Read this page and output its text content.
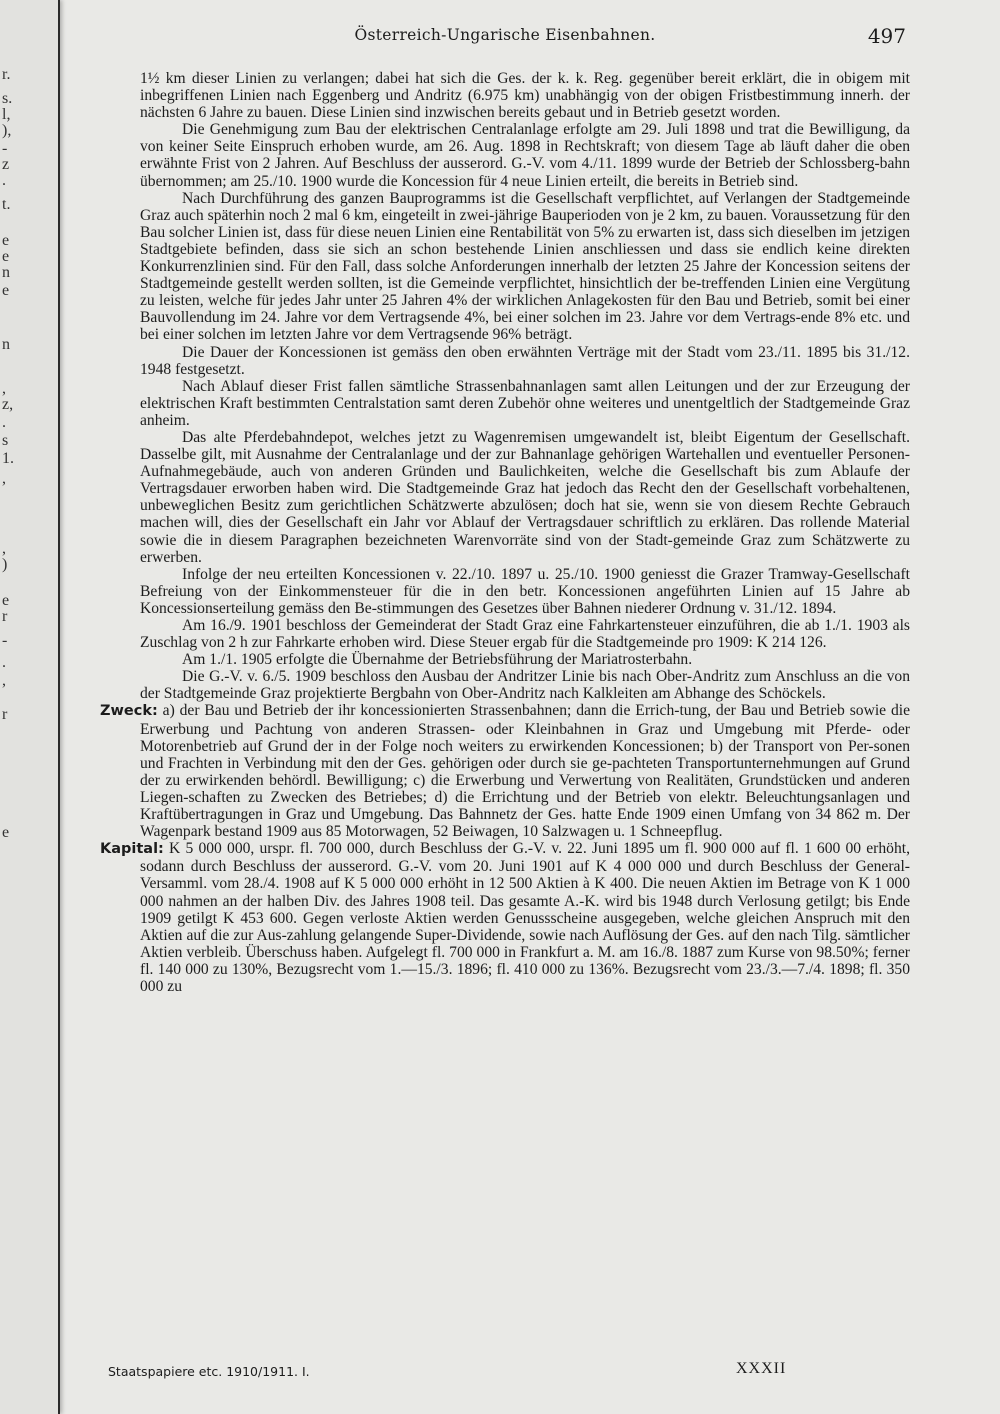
r.
s.
l,
),
-
z
.
t.
e
e
n
e
n
,
z,
.
s
1.
,
,
)
e
r
-
.
,
r
e
Österreich-Ungarische Eisenbahnen.	497

1½ km dieser Linien zu verlangen; dabei hat sich die Ges. der k. k. Reg. gegenüber bereit erklärt, die in obigem mit inbegriffenen Linien nach Eggenberg und Andritz (6.975 km) unabhängig von der obigen Fristbestimmung innerh. der nächsten 6 Jahre zu bauen. Diese Linien sind inzwischen bereits gebaut und in Betrieb gesetzt worden.

Die Genehmigung zum Bau der elektrischen Centralanlage erfolgte am 29. Juli 1898 und trat die Bewilligung, da von keiner Seite Einspruch erhoben wurde, am 26. Aug. 1898 in Rechtskraft; von diesem Tage ab läuft daher die oben erwähnte Frist von 2 Jahren. Auf Beschluss der ausserord. G.-V. vom 4./11. 1899 wurde der Betrieb der Schlossberg-bahn übernommen; am 25./10. 1900 wurde die Koncession für 4 neue Linien erteilt, die bereits in Betrieb sind.

Nach Durchführung des ganzen Bauprogramms ist die Gesellschaft verpflichtet, auf Verlangen der Stadtgemeinde Graz auch späterhin noch 2 mal 6 km, eingeteilt in zwei-jährige Bauperioden von je 2 km, zu bauen. Voraussetzung für den Bau solcher Linien ist, dass für diese neuen Linien eine Rentabilität von 5% zu erwarten ist, dass sich dieselben im jetzigen Stadtgebiete befinden, dass sie sich an schon bestehende Linien anschliessen und dass sie endlich keine direkten Konkurrenzlinien sind. Für den Fall, dass solche Anforderungen innerhalb der letzten 25 Jahre der Koncession seitens der Stadtgemeinde gestellt werden sollten, ist die Gemeinde verpflichtet, hinsichtlich der be-treffenden Linien eine Vergütung zu leisten, welche für jedes Jahr unter 25 Jahren 4% der wirklichen Anlagekosten für den Bau und Betrieb, somit bei einer Bauvollendung im 24. Jahre vor dem Vertragsende 4%, bei einer solchen im 23. Jahre vor dem Vertrags-ende 8% etc. und bei einer solchen im letzten Jahre vor dem Vertragsende 96% beträgt.

Die Dauer der Koncessionen ist gemäss den oben erwähnten Verträge mit der Stadt vom 23./11. 1895 bis 31./12. 1948 festgesetzt.

Nach Ablauf dieser Frist fallen sämtliche Strassenbahnanlagen samt allen Leitungen und der zur Erzeugung der elektrischen Kraft bestimmten Centralstation samt deren Zubehör ohne weiteres und unentgeltlich der Stadtgemeinde Graz anheim.

Das alte Pferdebahndepot, welches jetzt zu Wagenremisen umgewandelt ist, bleibt Eigentum der Gesellschaft. Dasselbe gilt, mit Ausnahme der Centralanlage und der zur Bahnanlage gehörigen Wartehallen und eventueller Personen-Aufnahmegebäude, auch von anderen Gründen und Baulichkeiten, welche die Gesellschaft bis zum Ablaufe der Vertragsdauer erworben haben wird. Die Stadtgemeinde Graz hat jedoch das Recht den der Gesellschaft vorbehaltenen, unbeweglichen Besitz zum gerichtlichen Schätzwerte abzulösen; doch hat sie, wenn sie von diesem Rechte Gebrauch machen will, dies der Gesellschaft ein Jahr vor Ablauf der Vertragsdauer schriftlich zu erklären. Das rollende Material sowie die in diesem Paragraphen bezeichneten Warenvorräte sind von der Stadt-gemeinde Graz zum Schätzwerte zu erwerben.

Infolge der neu erteilten Koncessionen v. 22./10. 1897 u. 25./10. 1900 geniesst die Grazer Tramway-Gesellschaft Befreiung von der Einkommensteuer für die in den betr. Koncessionen angeführten Linien auf 15 Jahre ab Koncessionserteilung gemäss den Be-stimmungen des Gesetzes über Bahnen niederer Ordnung v. 31./12. 1894.

Am 16./9. 1901 beschloss der Gemeinderat der Stadt Graz eine Fahrkartensteuer einzuführen, die ab 1./1. 1903 als Zuschlag von 2 h zur Fahrkarte erhoben wird. Diese Steuer ergab für die Stadtgemeinde pro 1909: K 214 126.

Am 1./1. 1905 erfolgte die Übernahme der Betriebsführung der Mariatrosterbahn.

Die G.-V. v. 6./5. 1909 beschloss den Ausbau der Andritzer Linie bis nach Ober-Andritz zum Anschluss an die von der Stadtgemeinde Graz projektierte Bergbahn von Ober-Andritz nach Kalkleiten am Abhange des Schöckels.

Zweck: a) der Bau und Betrieb der ihr koncessionierten Strassenbahnen; dann die Errich-tung, der Bau und Betrieb sowie die Erwerbung und Pachtung von anderen Strassen- oder Kleinbahnen in Graz und Umgebung mit Pferde- oder Motorenbetrieb auf Grund der in der Folge noch weiters zu erwirkenden Koncessionen; b) der Transport von Per-sonen und Frachten in Verbindung mit den der Ges. gehörigen oder durch sie ge-pachteten Transportunternehmungen auf Grund der zu erwirkenden behördl. Bewilligung; c) die Erwerbung und Verwertung von Realitäten, Grundstücken und anderen Liegen-schaften zu Zwecken des Betriebes; d) die Errichtung und der Betrieb von elektr. Beleuchtungsanlagen und Kraftübertragungen in Graz und Umgebung. Das Bahnnetz der Ges. hatte Ende 1909 einen Umfang von 34 862 m. Der Wagenpark bestand 1909 aus 85 Motorwagen, 52 Beiwagen, 10 Salzwagen u. 1 Schneepflug.

Kapital: K 5 000 000, urspr. fl. 700 000, durch Beschluss der G.-V. v. 22. Juni 1895 um fl. 900 000 auf fl. 1 600 00 erhöht, sodann durch Beschluss der ausserord. G.-V. vom 20. Juni 1901 auf K 4 000 000 und durch Beschluss der General-Versamml. vom 28./4. 1908 auf K 5 000 000 erhöht in 12 500 Aktien à K 400. Die neuen Aktien im Betrage von K 1 000 000 nahmen an der halben Div. des Jahres 1908 teil. Das gesamte A.-K. wird bis 1948 durch Verlosung getilgt; bis Ende 1909 getilgt K 453 600. Gegen verloste Aktien werden Genussscheine ausgegeben, welche gleichen Anspruch mit den Aktien auf die zur Aus-zahlung gelangende Super-Dividende, sowie nach Auflösung der Ges. auf den nach Tilg. sämtlicher Aktien verbleib. Überschuss haben. Aufgelegt fl. 700 000 in Frankfurt a. M. am 16./8. 1887 zum Kurse von 98.50%; ferner fl. 140 000 zu 130%, Bezugsrecht vom 1.—15./3. 1896; fl. 410 000 zu 136%. Bezugsrecht vom 23./3.—7./4. 1898; fl. 350 000 zu

Staatspapiere etc. 1910/1911. I.	XXXII
